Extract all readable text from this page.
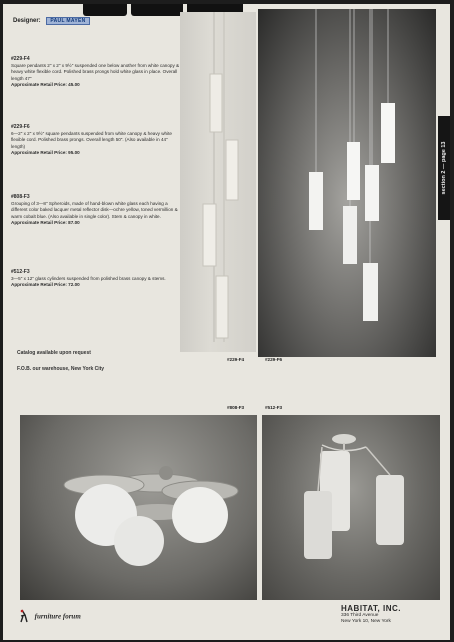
Designer: PAUL MAYEN
#229-F4
Square pendants 2" x 2" x 9½" suspended one below another from white canopy & heavy white flexible cord. Polished brass prongs hold white glass in place. Overall length 47"
Approximate Retail Price: 45.00
#229-F6
6—2" x 2" x 9½" square pendants suspended from white canopy & heavy white flexible cord. Polished brass prongs. Overall length 50". (Also available in 44" length)
Approximate Retail Price: 95.00
#808-F3
Grouping of 3—8" Spheroids, made of hand-blown white glass each having a different color baked lacquer metal reflector disk—ochre yellow, toned vermillion & warm cobalt blue. (Also available in single color). Stem & canopy in white.
Approximate Retail Price: 87.00
#512-F3
3—5" x 12" glass cylinders suspended from polished brass canopy & stems.
Approximate Retail Price: 72.00
Catalog available upon request
F.O.B. our warehouse, New York City
section 2 — page 13
#229-F4	#229-F6
#808-F3	#512-F3
furniture forum
HABITAT, INC.
336 Third Avenue
New York 10, New York
